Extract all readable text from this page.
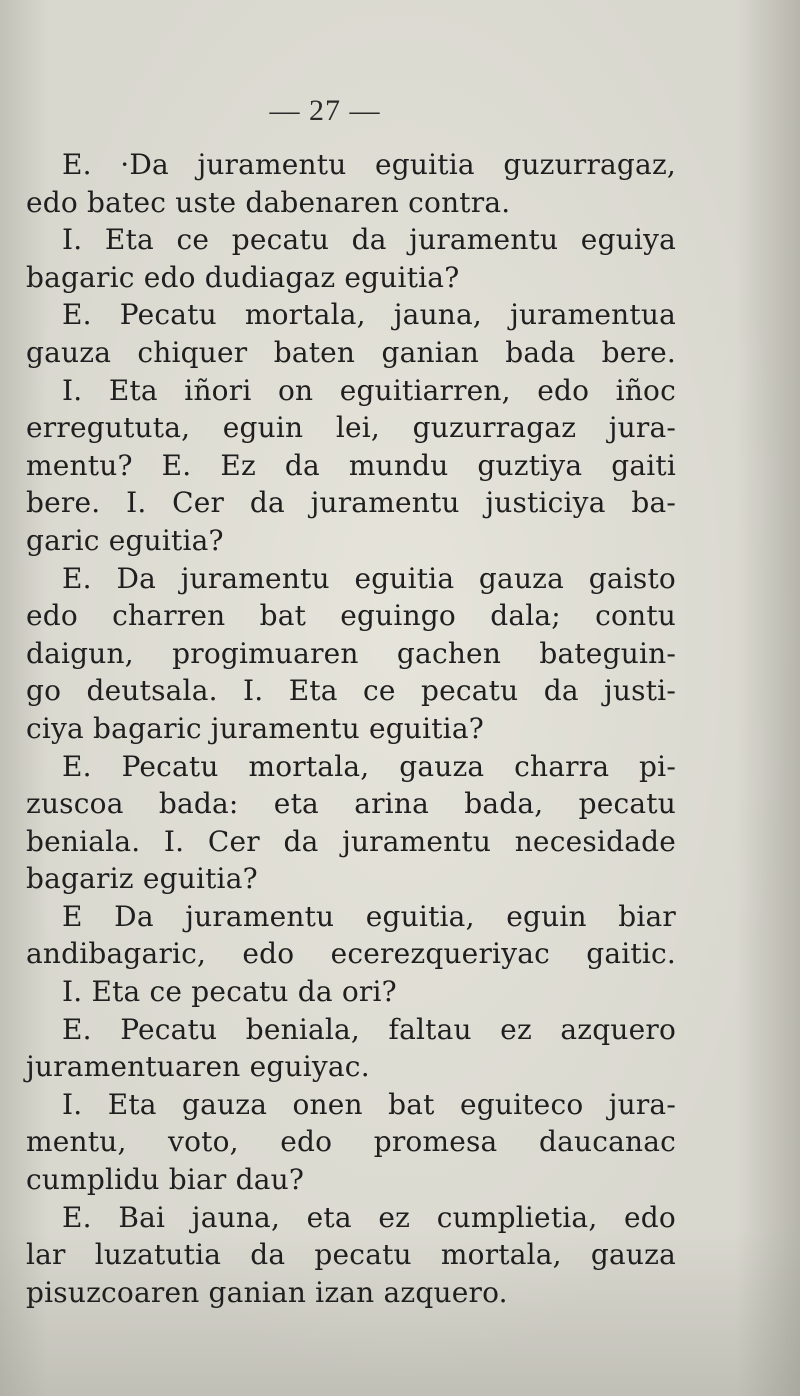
— 27 —
E. ·Da juramentu eguitia guzurragaz,
edo batec uste dabenaren contra.
I. Eta ce pecatu da juramentu eguiya
bagaric edo dudiagaz eguitia?
E. Pecatu mortala, jauna, juramentua
gauza chiquer baten ganian bada bere.
I. Eta iñori on eguitiarren, edo iñoc
erregututa, eguin lei, guzurragaz jura-
mentu? E. Ez da mundu guztiya gaiti
bere. I. Cer da juramentu justiciya ba-
garic eguitia?
E. Da juramentu eguitia gauza gaisto
edo charren bat eguingo dala; contu
daigun, progimuaren gachen bateguin-
go deutsala. I. Eta ce pecatu da justi-
ciya bagaric juramentu eguitia?
E. Pecatu mortala, gauza charra pi-
zuscoa bada: eta arina bada, pecatu
beniala. I. Cer da juramentu necesidade
bagariz eguitia?
E Da juramentu eguitia, eguin biar
andibagaric, edo ecerezqueriyac gaitic.
I. Eta ce pecatu da ori?
E. Pecatu beniala, faltau ez azquero
juramentuaren eguiyac.
I. Eta gauza onen bat eguiteco jura-
mentu, voto, edo promesa daucanac
cumplidu biar dau?
E. Bai jauna, eta ez cumplietia, edo
lar luzatutia da pecatu mortala, gauza
pisuzcoaren ganian izan azquero.
